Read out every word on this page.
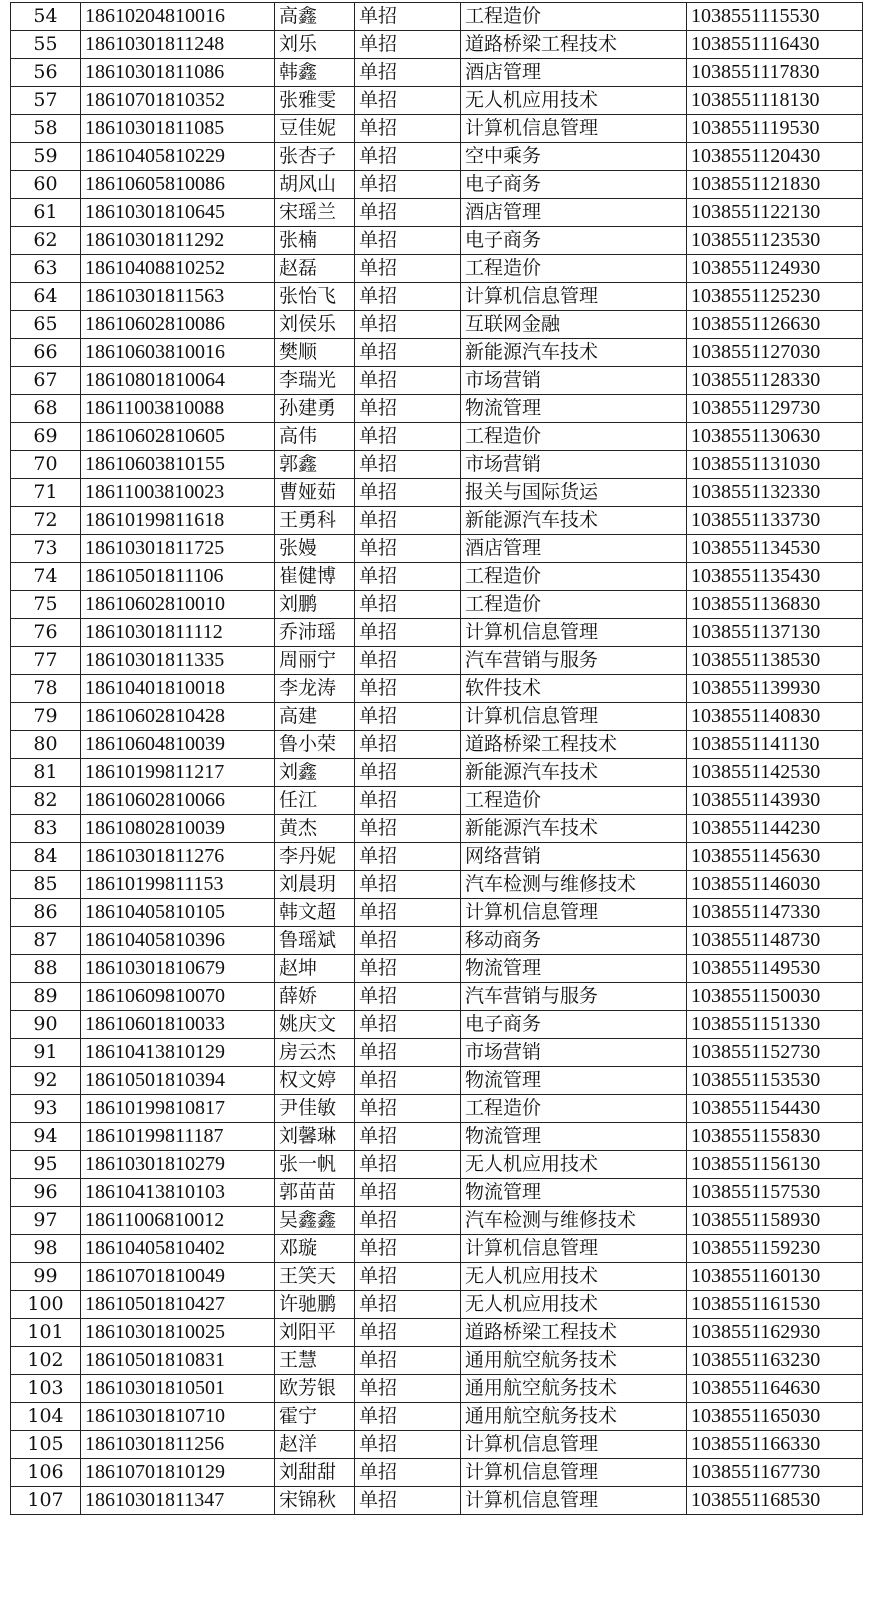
54	18610204810016	高鑫	单招	工程造价	1038551115530
55	18610301811248	刘乐	单招	道路桥梁工程技术	1038551116430
56	18610301811086	韩鑫	单招	酒店管理	1038551117830
57	18610701810352	张雅雯	单招	无人机应用技术	1038551118130
58	18610301811085	豆佳妮	单招	计算机信息管理	1038551119530
59	18610405810229	张杏子	单招	空中乘务	1038551120430
60	18610605810086	胡风山	单招	电子商务	1038551121830
61	18610301810645	宋瑶兰	单招	酒店管理	1038551122130
62	18610301811292	张楠	单招	电子商务	1038551123530
63	18610408810252	赵磊	单招	工程造价	1038551124930
64	18610301811563	张怡飞	单招	计算机信息管理	1038551125230
65	18610602810086	刘侯乐	单招	互联网金融	1038551126630
66	18610603810016	樊顺	单招	新能源汽车技术	1038551127030
67	18610801810064	李瑞光	单招	市场营销	1038551128330
68	18611003810088	孙建勇	单招	物流管理	1038551129730
69	18610602810605	高伟	单招	工程造价	1038551130630
70	18610603810155	郭鑫	单招	市场营销	1038551131030
71	18611003810023	曹娅茹	单招	报关与国际货运	1038551132330
72	18610199811618	王勇科	单招	新能源汽车技术	1038551133730
73	18610301811725	张嫚	单招	酒店管理	1038551134530
74	18610501811106	崔健博	单招	工程造价	1038551135430
75	18610602810010	刘鹏	单招	工程造价	1038551136830
76	18610301811112	乔沛瑶	单招	计算机信息管理	1038551137130
77	18610301811335	周丽宁	单招	汽车营销与服务	1038551138530
78	18610401810018	李龙涛	单招	软件技术	1038551139930
79	18610602810428	高建	单招	计算机信息管理	1038551140830
80	18610604810039	鲁小荣	单招	道路桥梁工程技术	1038551141130
81	18610199811217	刘鑫	单招	新能源汽车技术	1038551142530
82	18610602810066	任江	单招	工程造价	1038551143930
83	18610802810039	黄杰	单招	新能源汽车技术	1038551144230
84	18610301811276	李丹妮	单招	网络营销	1038551145630
85	18610199811153	刘晨玥	单招	汽车检测与维修技术	1038551146030
86	18610405810105	韩文超	单招	计算机信息管理	1038551147330
87	18610405810396	鲁瑶斌	单招	移动商务	1038551148730
88	18610301810679	赵坤	单招	物流管理	1038551149530
89	18610609810070	薛娇	单招	汽车营销与服务	1038551150030
90	18610601810033	姚庆文	单招	电子商务	1038551151330
91	18610413810129	房云杰	单招	市场营销	1038551152730
92	18610501810394	权文婷	单招	物流管理	1038551153530
93	18610199810817	尹佳敏	单招	工程造价	1038551154430
94	18610199811187	刘馨琳	单招	物流管理	1038551155830
95	18610301810279	张一帆	单招	无人机应用技术	1038551156130
96	18610413810103	郭苗苗	单招	物流管理	1038551157530
97	18611006810012	吴鑫鑫	单招	汽车检测与维修技术	1038551158930
98	18610405810402	邓璇	单招	计算机信息管理	1038551159230
99	18610701810049	王笑天	单招	无人机应用技术	1038551160130
100	18610501810427	许驰鹏	单招	无人机应用技术	1038551161530
101	18610301810025	刘阳平	单招	道路桥梁工程技术	1038551162930
102	18610501810831	王慧	单招	通用航空航务技术	1038551163230
103	18610301810501	欧芳银	单招	通用航空航务技术	1038551164630
104	18610301810710	霍宁	单招	通用航空航务技术	1038551165030
105	18610301811256	赵洋	单招	计算机信息管理	1038551166330
106	18610701810129	刘甜甜	单招	计算机信息管理	1038551167730
107	18610301811347	宋锦秋	单招	计算机信息管理	1038551168530
